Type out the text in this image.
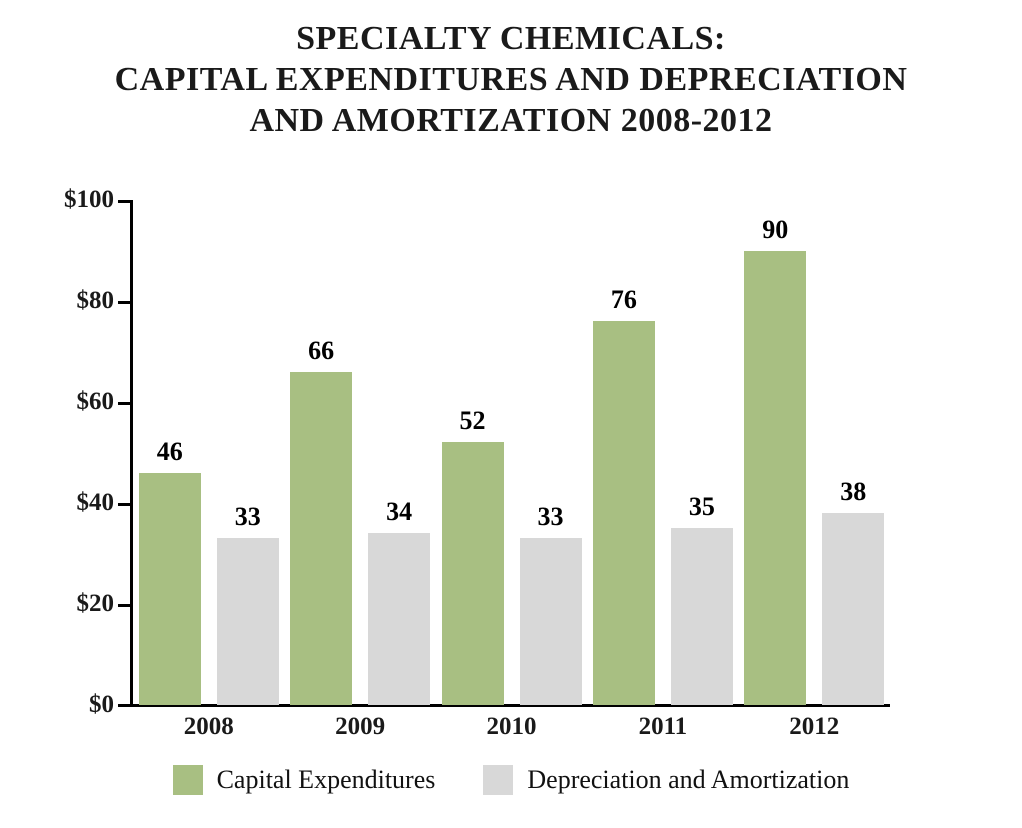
SPECIALTY CHEMICALS:
CAPITAL EXPENDITURES AND DEPRECIATION
AND AMORTIZATION 2008-2012
$100
$80
$60
$40
$20
$0
46
33
66
34
52
33
76
35
90
38
2008	2009	2010	2011	2012
Capital Expenditures	Depreciation and Amortization
